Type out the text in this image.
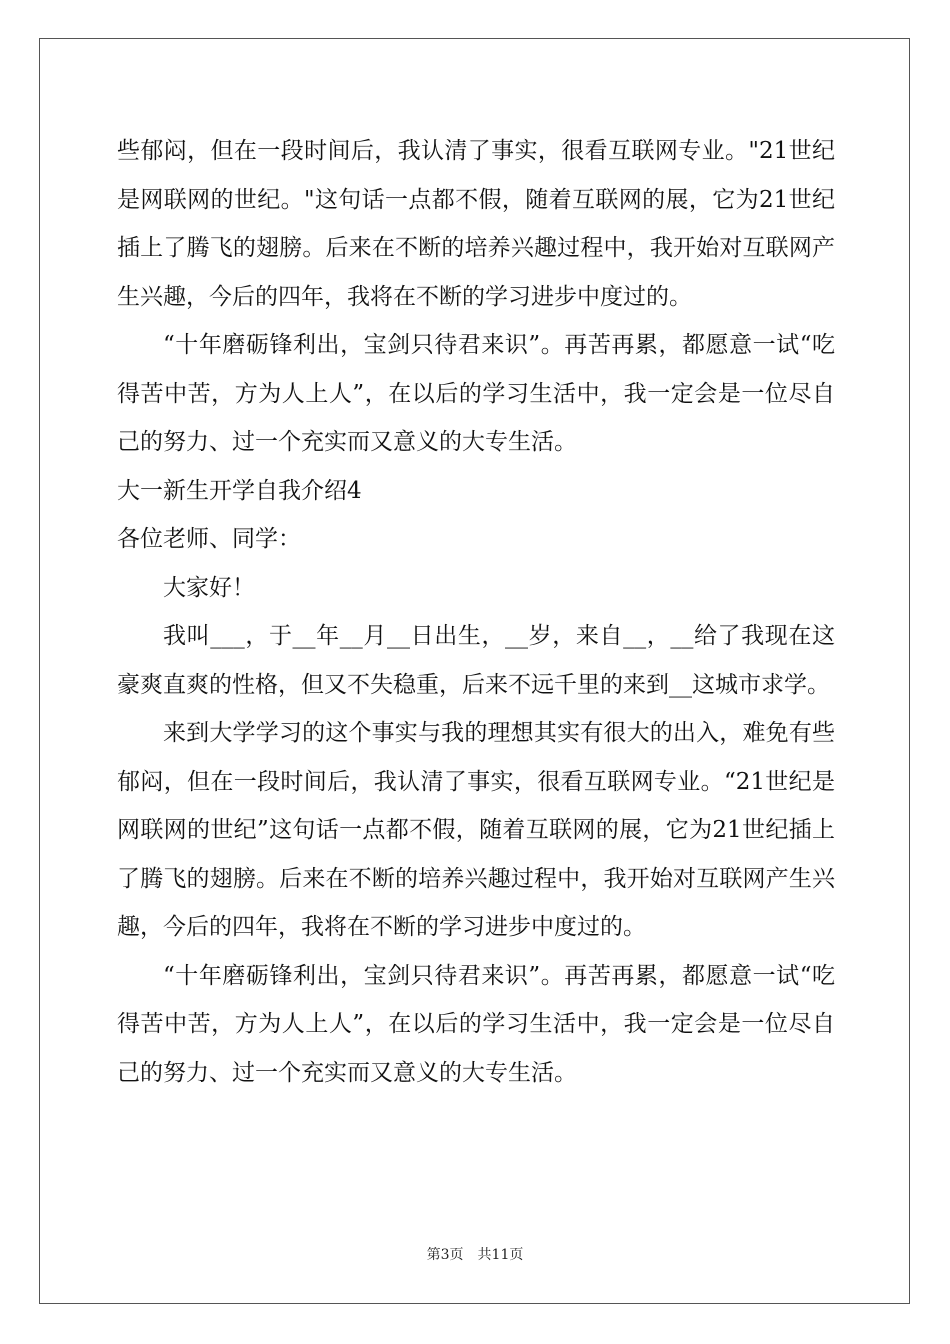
些郁闷，但在一段时间后，我认清了事实，很看互联网专业。"21世纪是网联网的世纪。"这句话一点都不假，随着互联网的展，它为21世纪插上了腾飞的翅膀。后来在不断的培养兴趣过程中，我开始对互联网产生兴趣，今后的四年，我将在不断的学习进步中度过的。

“十年磨砺锋利出，宝剑只待君来识”。再苦再累，都愿意一试“吃得苦中苦，方为人上人”，在以后的学习生活中，我一定会是一位尽自己的努力、过一个充实而又意义的大专生活。

大一新生开学自我介绍4

各位老师、同学：

大家好！

我叫___，于__年__月__日出生，__岁，来自__，__给了我现在这豪爽直爽的性格，但又不失稳重，后来不远千里的来到__这城市求学。

来到大学学习的这个事实与我的理想其实有很大的出入，难免有些郁闷，但在一段时间后，我认清了事实，很看互联网专业。“21世纪是网联网的世纪”这句话一点都不假，随着互联网的展，它为21世纪插上了腾飞的翅膀。后来在不断的培养兴趣过程中，我开始对互联网产生兴趣，今后的四年，我将在不断的学习进步中度过的。

“十年磨砺锋利出，宝剑只待君来识”。再苦再累，都愿意一试“吃得苦中苦，方为人上人”，在以后的学习生活中，我一定会是一位尽自己的努力、过一个充实而又意义的大专生活。

第3页　共11页
